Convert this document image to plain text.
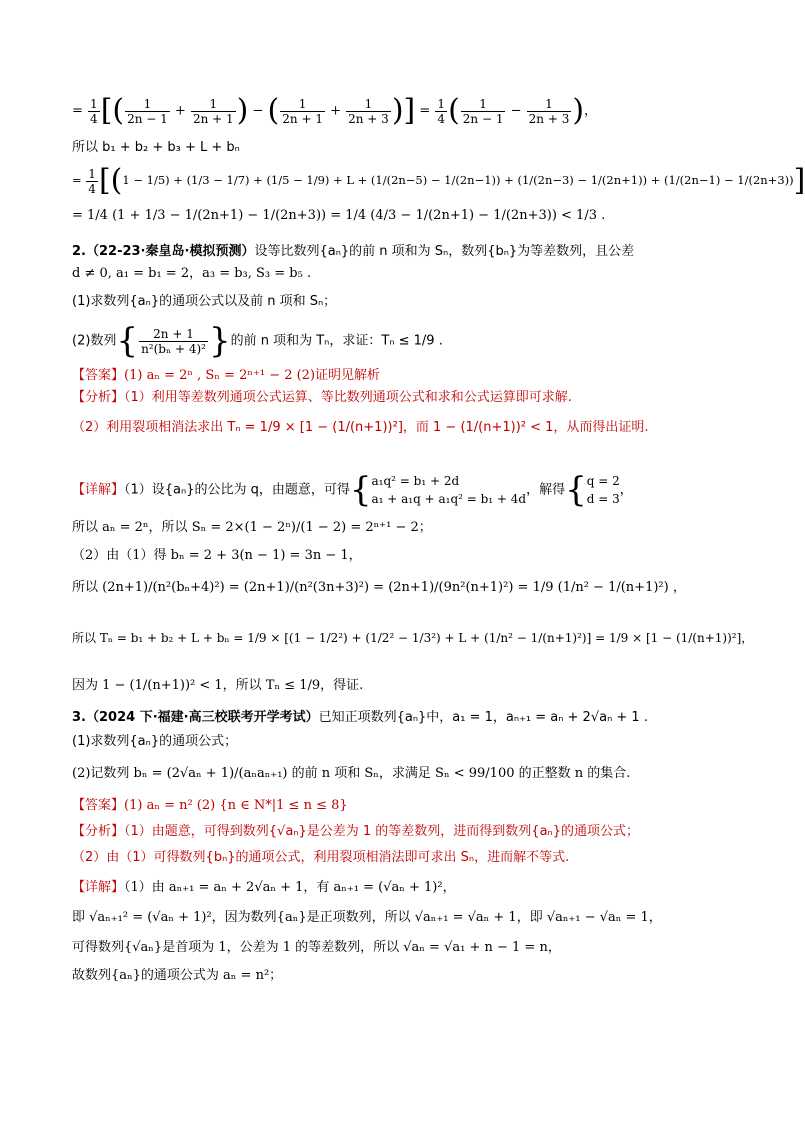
= $\frac{1}{4}$ [( $\frac{1}{2n - 1} + \frac{1}{2n + 1}$ ) − ( $\frac{1}{2n + 1} + \frac{1}{2n + 3}$ )] = $\frac{1}{4}$ ( $\frac{1}{2n - 1} - \frac{1}{2n + 3}$ )，
所以 b₁ + b₂ + b₃ + L + bₙ
= $\frac{1}{4} [(1 - 1/5) + (1/3 - 1/7) + (1/5 - 1/9) + L + (1/(2n-5) - 1/(2n-1)) + (1/(2n-3) - 1/(2n+1)) + (1/(2n-1) - 1/(2n+3))]$
= 1/4 (1 + 1/3 − 1/(2n+1) − 1/(2n+3)) = 1/4 (4/3 − 1/(2n+1) − 1/(2n+3)) < 1/3 .
2.（22-23·秦皇岛·模拟预测）设等比数列{aₙ}的前 n 项和为 Sₙ，数列{bₙ}为等差数列，且公差
d ≠ 0, a₁ = b₁ = 2，a₃ = b₃, S₃ = b₅ .
(1)求数列{aₙ}的通项公式以及前 n 项和 Sₙ；
(2)数列{ $\frac{2n + 1}{\text{n²(bₙ + 4)²}}$ }的前 n 项和为 Tₙ，求证：Tₙ ≤ 1/9 .
【答案】(1) aₙ = 2ⁿ , Sₙ = 2ⁿ⁺¹ − 2 (2)证明见解析
【分析】（1）利用等差数列通项公式运算、等比数列通项公式和求和公式运算即可求解.
（2）利用裂项相消法求出 Tₙ = 1/9 × [1 − (1/(n+1))²]，而 1 − (1/(n+1))² < 1，从而得出证明.
【详解】（1）设{aₙ}的公比为 q，由题意，可得{ a₁q² = b₁ + 2d
a₁ + a₁q + a₁q² = b₁ + 4d
，解得{ q = 2
d = 3
，
所以 aₙ = 2ⁿ，所以 Sₙ = 2×(1 − 2ⁿ)/(1 − 2) = 2ⁿ⁺¹ − 2；
（2）由（1）得 bₙ = 2 + 3(n − 1) = 3n − 1，
所以 (2n+1)/(n²(bₙ+4)²) = (2n+1)/(n²(3n+3)²) = (2n+1)/(9n²(n+1)²) = 1/9 (1/n² − 1/(n+1)²) ，
所以 Tₙ = b₁ + b₂ + L + bₙ = 1/9 × [(1 − 1/2²) + (1/2² − 1/3²) + L + (1/n² − 1/(n+1)²)] = 1/9 × [1 − (1/(n+1))²]，
因为 1 − (1/(n+1))² < 1，所以 Tₙ ≤ 1/9，得证.
3.（2024 下·福建·高三校联考开学考试）已知正项数列{aₙ}中，a₁ = 1，aₙ₊₁ = aₙ + 2√aₙ + 1 .
(1)求数列{aₙ}的通项公式；
(2)记数列 bₙ = (2√aₙ + 1)/(aₙaₙ₊₁) 的前 n 项和 Sₙ，求满足 Sₙ < 99/100 的正整数 n 的集合.
【答案】(1) aₙ = n² (2) {n ∈ N*|1 ≤ n ≤ 8}
【分析】（1）由题意，可得到数列{√aₙ}是公差为 1 的等差数列，进而得到数列{aₙ}的通项公式；
（2）由（1）可得数列{bₙ}的通项公式，利用裂项相消法即可求出 Sₙ，进而解不等式.
【详解】（1）由 aₙ₊₁ = aₙ + 2√aₙ + 1，有 aₙ₊₁ = (√aₙ + 1)²，
即 √aₙ₊₁² = (√aₙ + 1)²，因为数列{aₙ}是正项数列，所以 √aₙ₊₁ = √aₙ + 1，即 √aₙ₊₁ − √aₙ = 1，
可得数列{√aₙ}是首项为 1，公差为 1 的等差数列，所以 √aₙ = √a₁ + n − 1 = n，
故数列{aₙ}的通项公式为 aₙ = n²；
